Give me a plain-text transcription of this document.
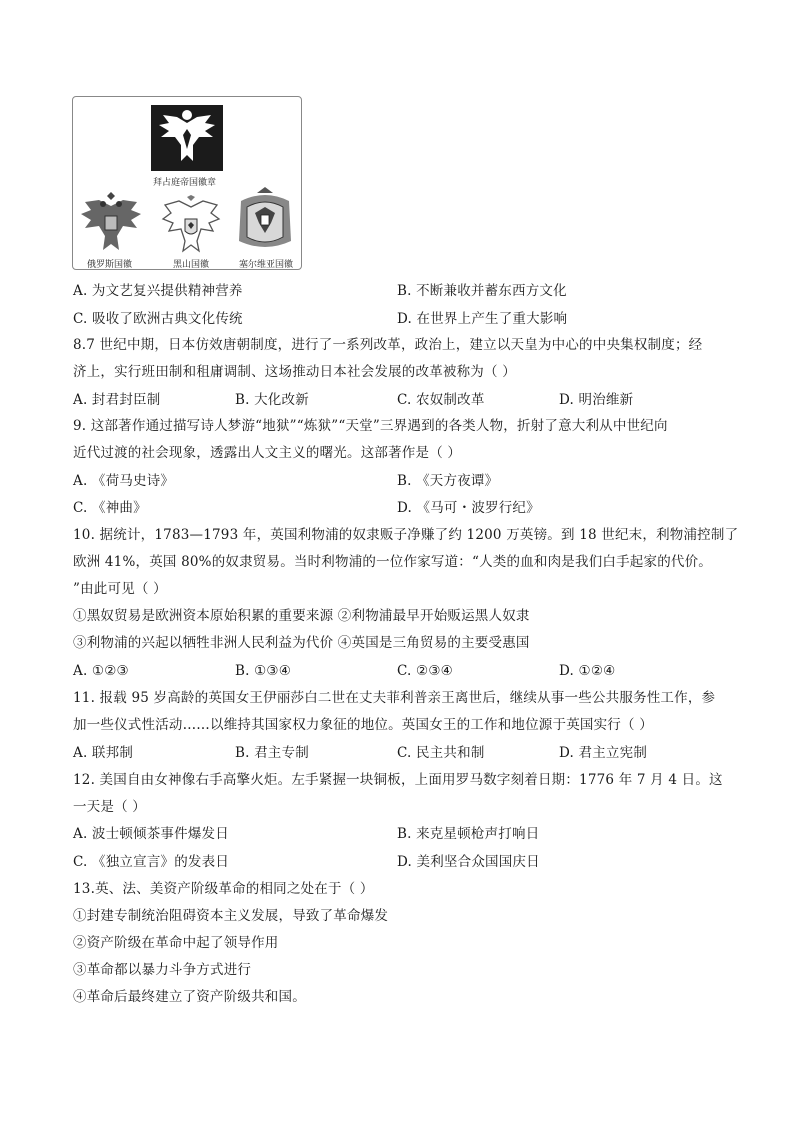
拜占庭帝国徽章
俄罗斯国徽	黑山国徽	塞尔维亚国徽
A. 为文艺复兴提供精神营养	B. 不断兼收并蓄东西方文化
C. 吸收了欧洲古典文化传统	D. 在世界上产生了重大影响
8.7 世纪中期，日本仿效唐朝制度，进行了一系列改革，政治上，建立以天皇为中心的中央集权制度；经
济上，实行班田制和租庸调制、这场推动日本社会发展的改革被称为（ ）
A. 封君封臣制	B. 大化改新	C. 农奴制改革	D. 明治维新
9. 这部著作通过描写诗人梦游“地狱”“炼狱”“天堂”三界遇到的各类人物，折射了意大利从中世纪向
近代过渡的社会现象，透露出人文主义的曙光。这部著作是（ ）
A. 《荷马史诗》	B. 《天方夜谭》
C. 《神曲》	D. 《马可・波罗行纪》
10. 据统计，1783—1793 年，英国利物浦的奴隶贩子净赚了约 1200 万英镑。到 18 世纪末，利物浦控制了
欧洲 41%，英国 80%的奴隶贸易。当时利物浦的一位作家写道：“人类的血和肉是我们白手起家的代价。
”由此可见（ ）
①黑奴贸易是欧洲资本原始积累的重要来源 ②利物浦最早开始贩运黑人奴隶
③利物浦的兴起以牺牲非洲人民利益为代价 ④英国是三角贸易的主要受惠国
A. ①②③	B. ①③④	C. ②③④	D. ①②④
11. 报载 95 岁高龄的英国女王伊丽莎白二世在丈夫菲利普亲王离世后，继续从事一些公共服务性工作，参
加一些仪式性活动……以维持其国家权力象征的地位。英国女王的工作和地位源于英国实行（ ）
A. 联邦制	B. 君主专制	C. 民主共和制	D. 君主立宪制
12. 美国自由女神像右手高擎火炬。左手紧握一块铜板，上面用罗马数字刻着日期：1776 年 7 月 4 日。这
一天是（ ）
A. 波士顿倾茶事件爆发日	B. 来克星顿枪声打响日
C. 《独立宣言》的发表日	D. 美利坚合众国国庆日
13.英、法、美资产阶级革命的相同之处在于（ ）
①封建专制统治阻碍资本主义发展，导致了革命爆发
②资产阶级在革命中起了领导作用
③革命都以暴力斗争方式进行
④革命后最终建立了资产阶级共和国。
